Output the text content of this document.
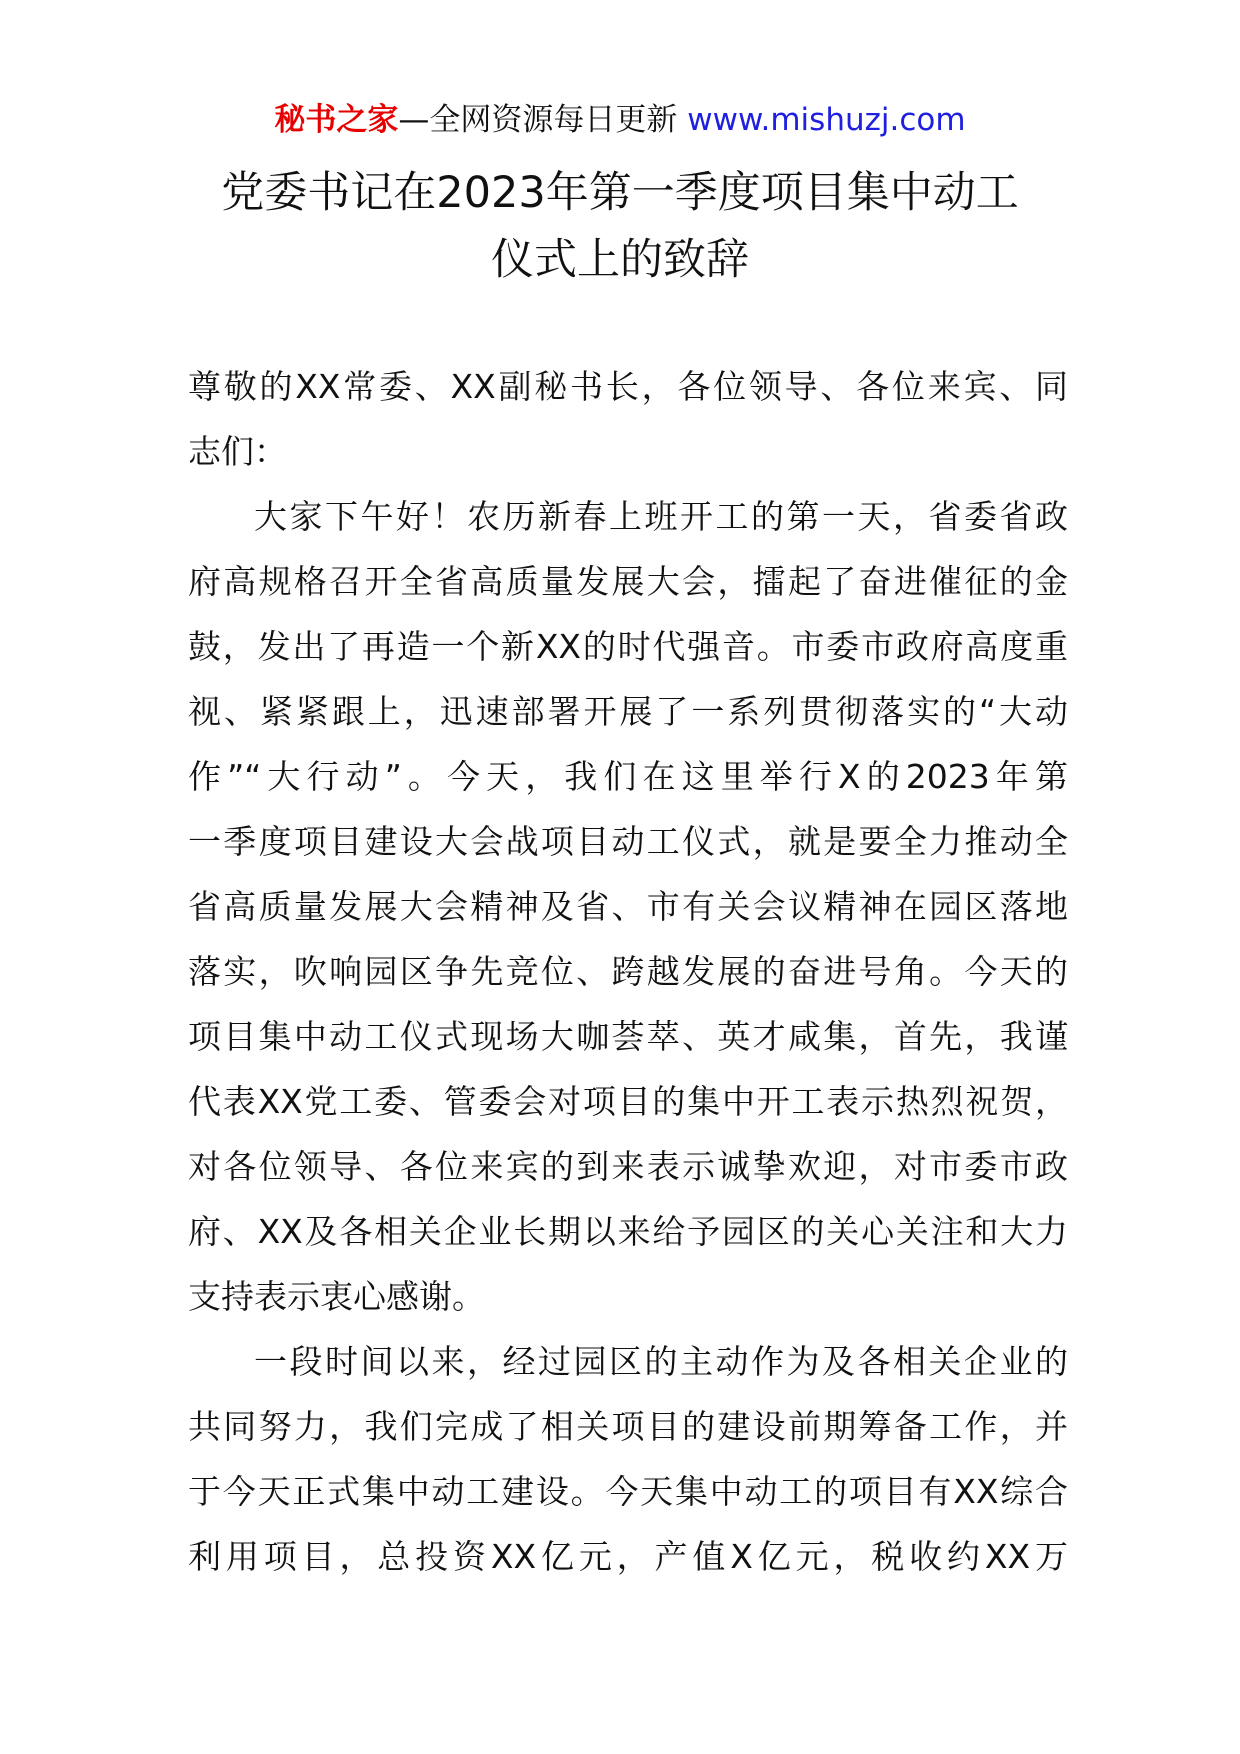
秘书之家—全网资源每日更新 www.mishuzj.com
党委书记在2023年第一季度项目集中动工
仪式上的致辞
尊敬的XX常委、XX副秘书长，各位领导、各位来宾、同
志们：
大家下午好！农历新春上班开工的第一天，省委省政
府高规格召开全省高质量发展大会，擂起了奋进催征的金
鼓，发出了再造一个新XX的时代强音。市委市政府高度重
视、紧紧跟上，迅速部署开展了一系列贯彻落实的“大动
作”“大行动”。今天，我们在这里举行X的2023年第
一季度项目建设大会战项目动工仪式，就是要全力推动全
省高质量发展大会精神及省、市有关会议精神在园区落地
落实，吹响园区争先竞位、跨越发展的奋进号角。今天的
项目集中动工仪式现场大咖荟萃、英才咸集，首先，我谨
代表XX党工委、管委会对项目的集中开工表示热烈祝贺，
对各位领导、各位来宾的到来表示诚挚欢迎，对市委市政
府、XX及各相关企业长期以来给予园区的关心关注和大力
支持表示衷心感谢。
一段时间以来，经过园区的主动作为及各相关企业的
共同努力，我们完成了相关项目的建设前期筹备工作，并
于今天正式集中动工建设。今天集中动工的项目有XX综合
利用项目，总投资XX亿元，产值X亿元，税收约XX万
